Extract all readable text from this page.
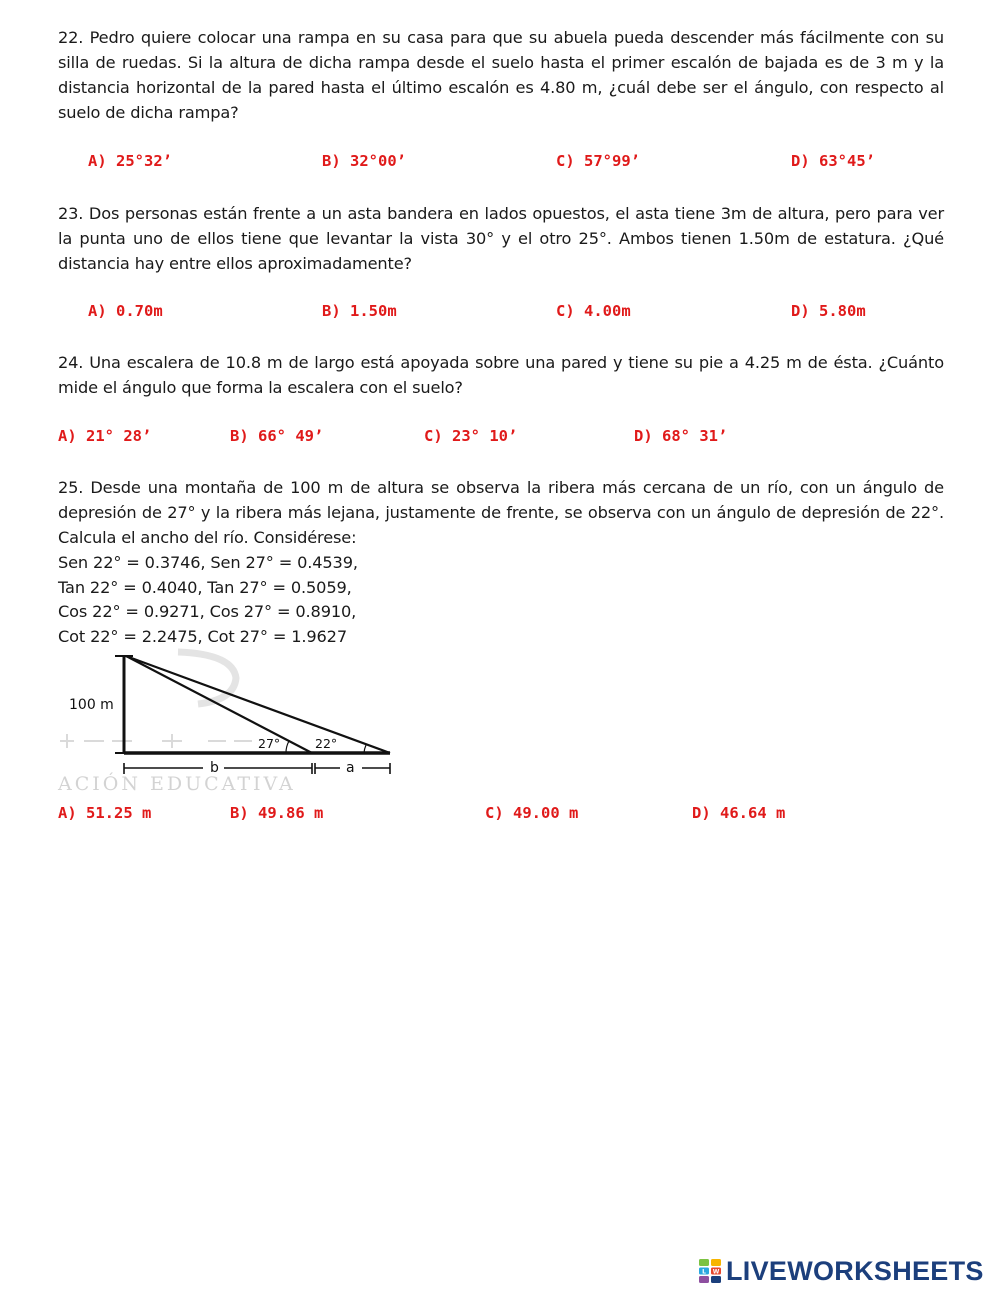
22. Pedro quiere colocar una rampa en su casa para que su abuela pueda descender más fácilmente con su silla de ruedas. Si la altura de dicha rampa desde el suelo hasta el primer escalón de bajada es de 3 m y la distancia horizontal de la pared hasta el último escalón es 4.80 m, ¿cuál debe ser el ángulo, con respecto al suelo de dicha rampa?

A) 25°32’	B) 32°00’	C) 57°99’	D) 63°45’

23. Dos personas están frente a un asta bandera en lados opuestos, el asta tiene 3m de altura, pero para ver la punta uno de ellos tiene que levantar la vista 30° y el otro 25°. Ambos tienen 1.50m de estatura. ¿Qué distancia hay entre ellos aproximadamente?

A) 0.70m	B) 1.50m	C) 4.00m	D) 5.80m

24. Una escalera de 10.8 m de largo está apoyada sobre una pared y tiene su pie a 4.25 m de ésta. ¿Cuánto mide el ángulo que forma la escalera con el suelo?

A) 21° 28’	B) 66° 49’	C) 23° 10’	D) 68° 31’

25. Desde una montaña de 100 m de altura se observa la ribera más cercana de un río, con un ángulo de depresión de 27° y la ribera más lejana, justamente de frente, se observa con un ángulo de depresión de 22°. Calcula el ancho del río. Considérese:

Sen 22° = 0.3746, Sen 27° = 0.4539,
Tan 22° = 0.4040, Tan 27° = 0.5059,
Cos 22° = 0.9271, Cos 27° = 0.8910,
Cot 22° = 2.2475, Cot 27° = 1.9627
ACIÓN EDUCATIVA
100 m
27°	22°
b	a
A) 51.25 m	B) 49.86 m	C) 49.00 m	D) 46.64 m
L W LIVEWORKSHEETS
